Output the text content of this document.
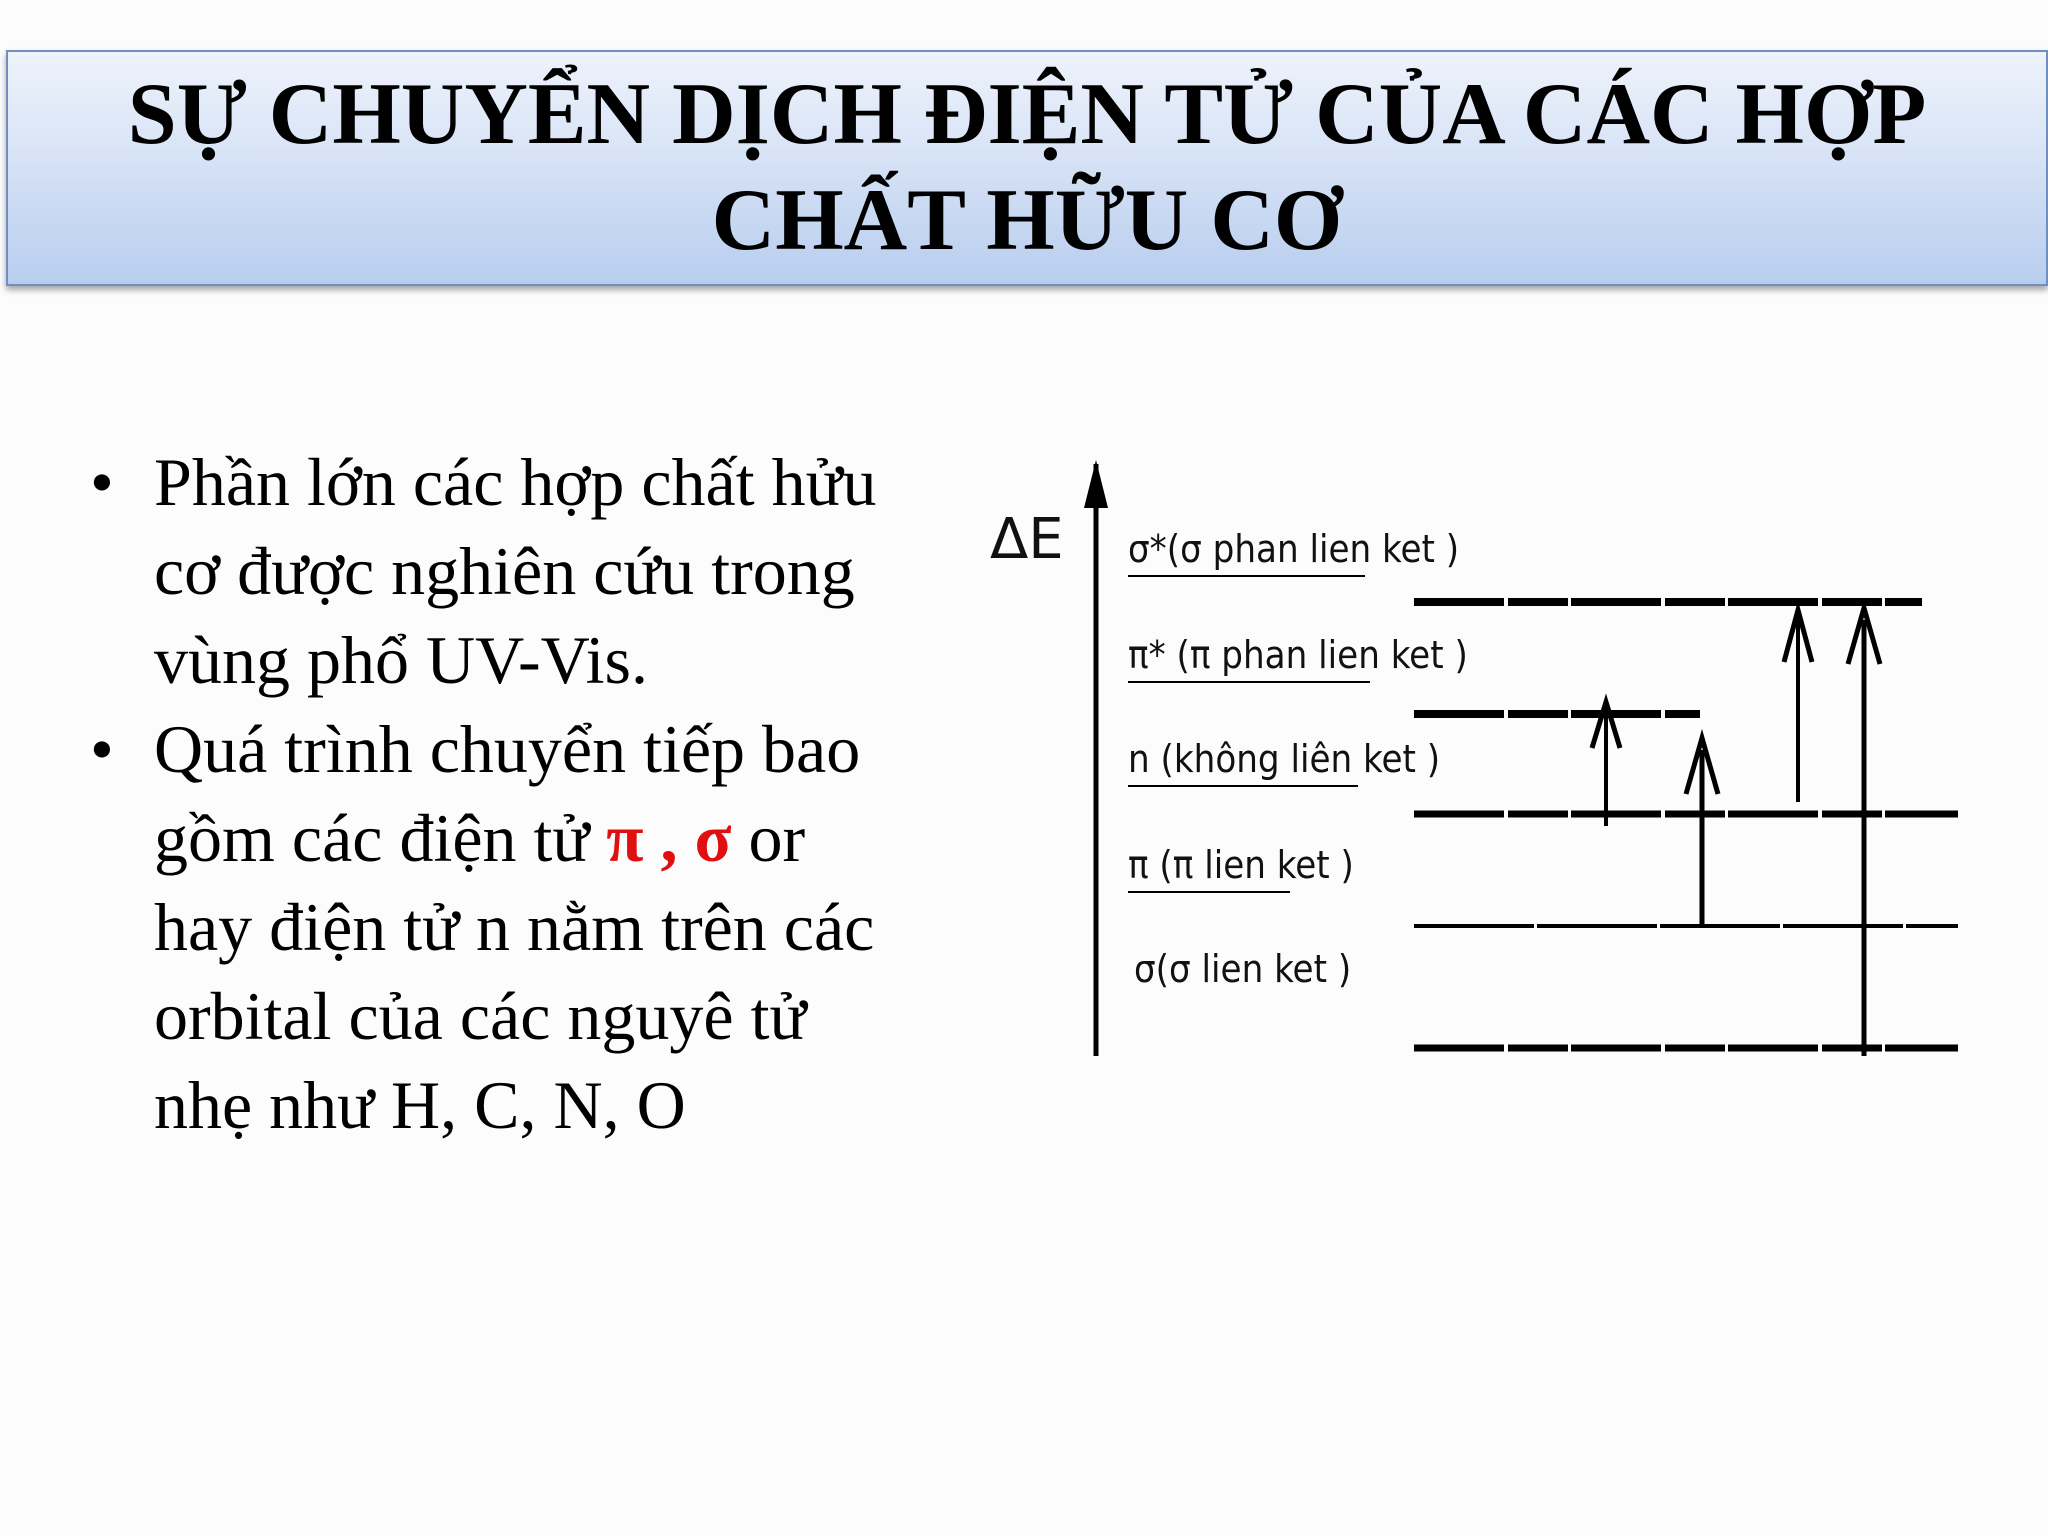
SỰ CHUYỂN DỊCH ĐIỆN TỬ CỦA CÁC HỢP
CHẤT HỮU CƠ
• Phần lớn các hợp chất hửu
cơ được nghiên cứu trong
vùng phổ UV-Vis.
• Quá trình chuyển tiếp bao
gồm các điện tử π , σ or
hay điện tử n nằm trên các
orbital của các nguyê tử
nhẹ như H, C, N, O
ΔE σ*(σ phan lien ket )
π* (π phan lien ket )
n (không liên ket )
π (π lien ket )
σ(σ lien ket )
